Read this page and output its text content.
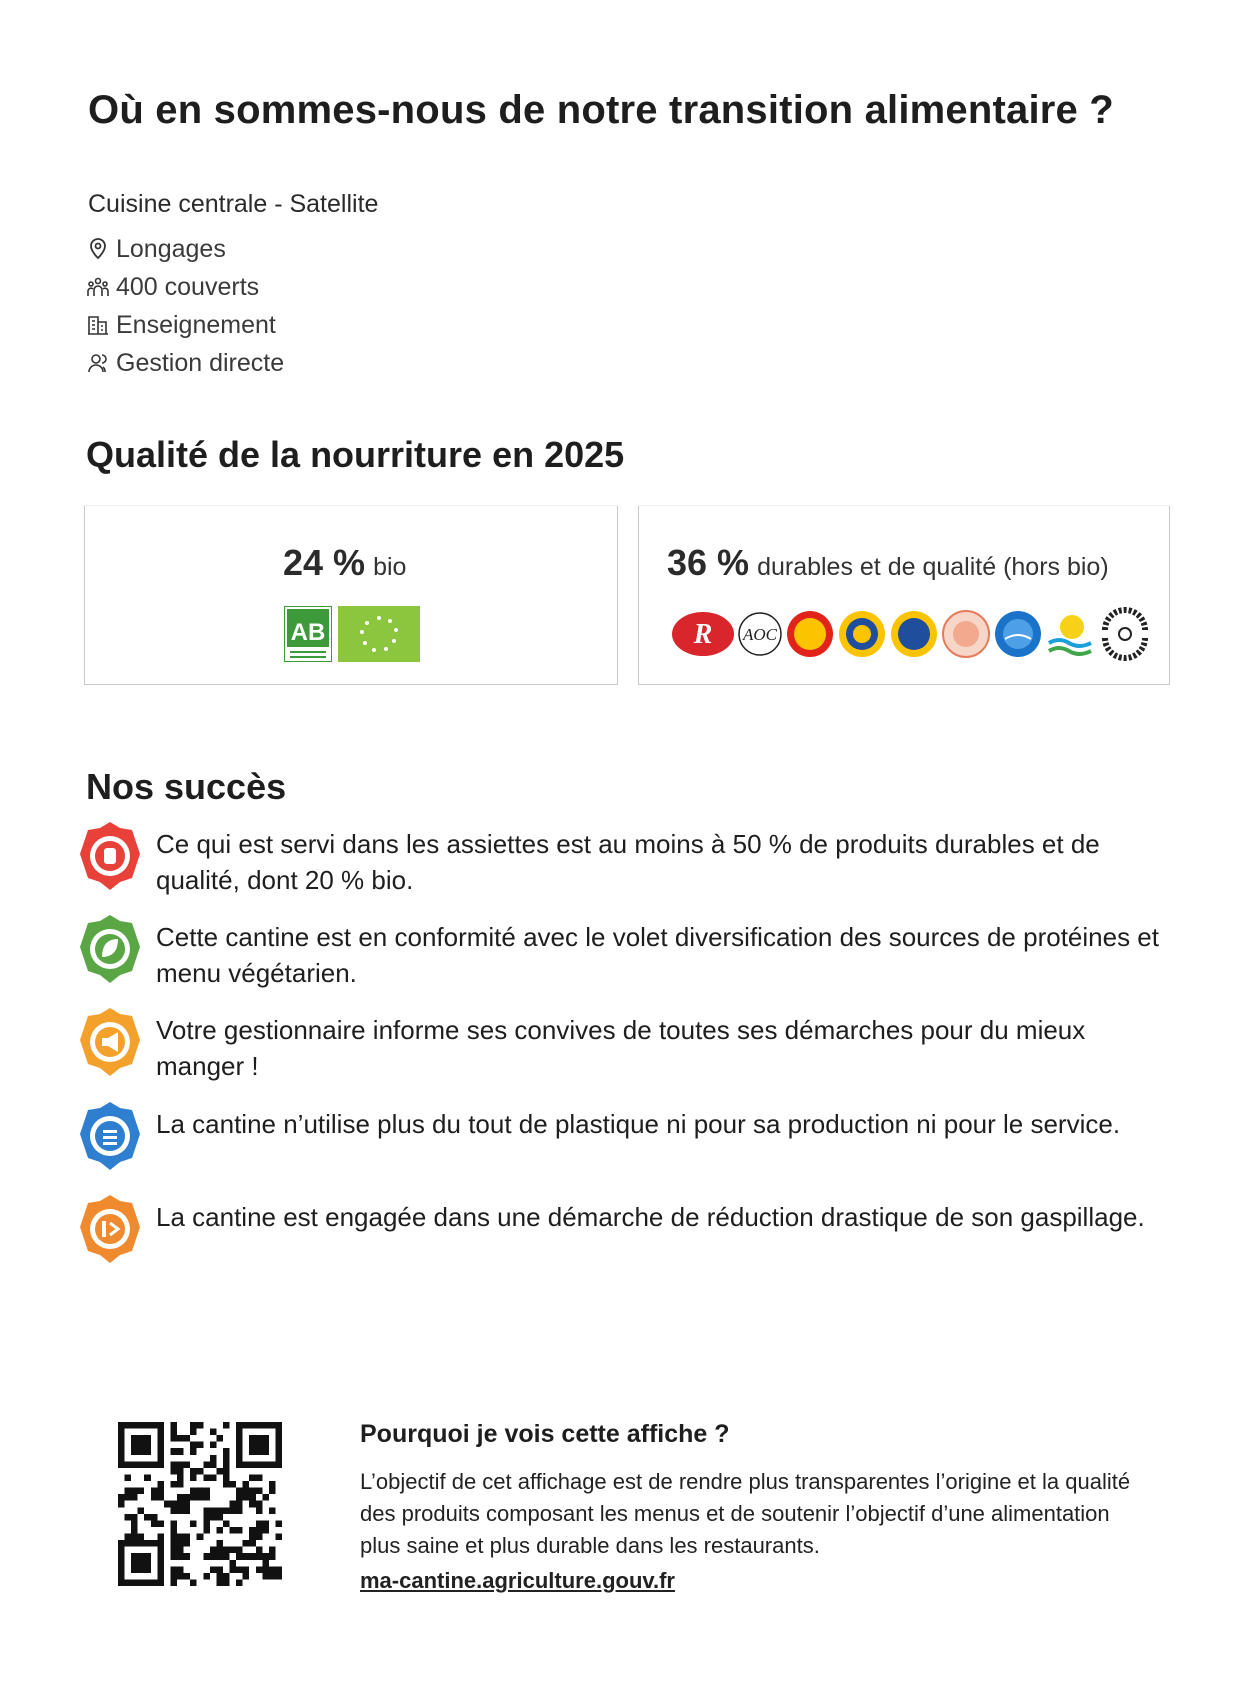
Où en sommes-nous de notre transition alimentaire ?
Cuisine centrale - Satellite
Longages
400 couverts
Enseignement
Gestion directe
Qualité de la nourriture en 2025
24 % bio
AB
36 % durables et de qualité (hors bio)
R AOC
Nos succès
Ce qui est servi dans les assiettes est au moins à 50 % de produits durables et de qualité, dont 20 % bio.
Cette cantine est en conformité avec le volet diversification des sources de protéines et menu végétarien.
Votre gestionnaire informe ses convives de toutes ses démarches pour du mieux manger !
La cantine n’utilise plus du tout de plastique ni pour sa production ni pour le service.
La cantine est engagée dans une démarche de réduction drastique de son gaspillage.
Pourquoi je vois cette affiche ?

L’objectif de cet affichage est de rendre plus transparentes l’origine et la qualité des produits composant les menus et de soutenir l’objectif d’une alimentation plus saine et plus durable dans les restaurants.

ma-cantine.agriculture.gouv.fr
